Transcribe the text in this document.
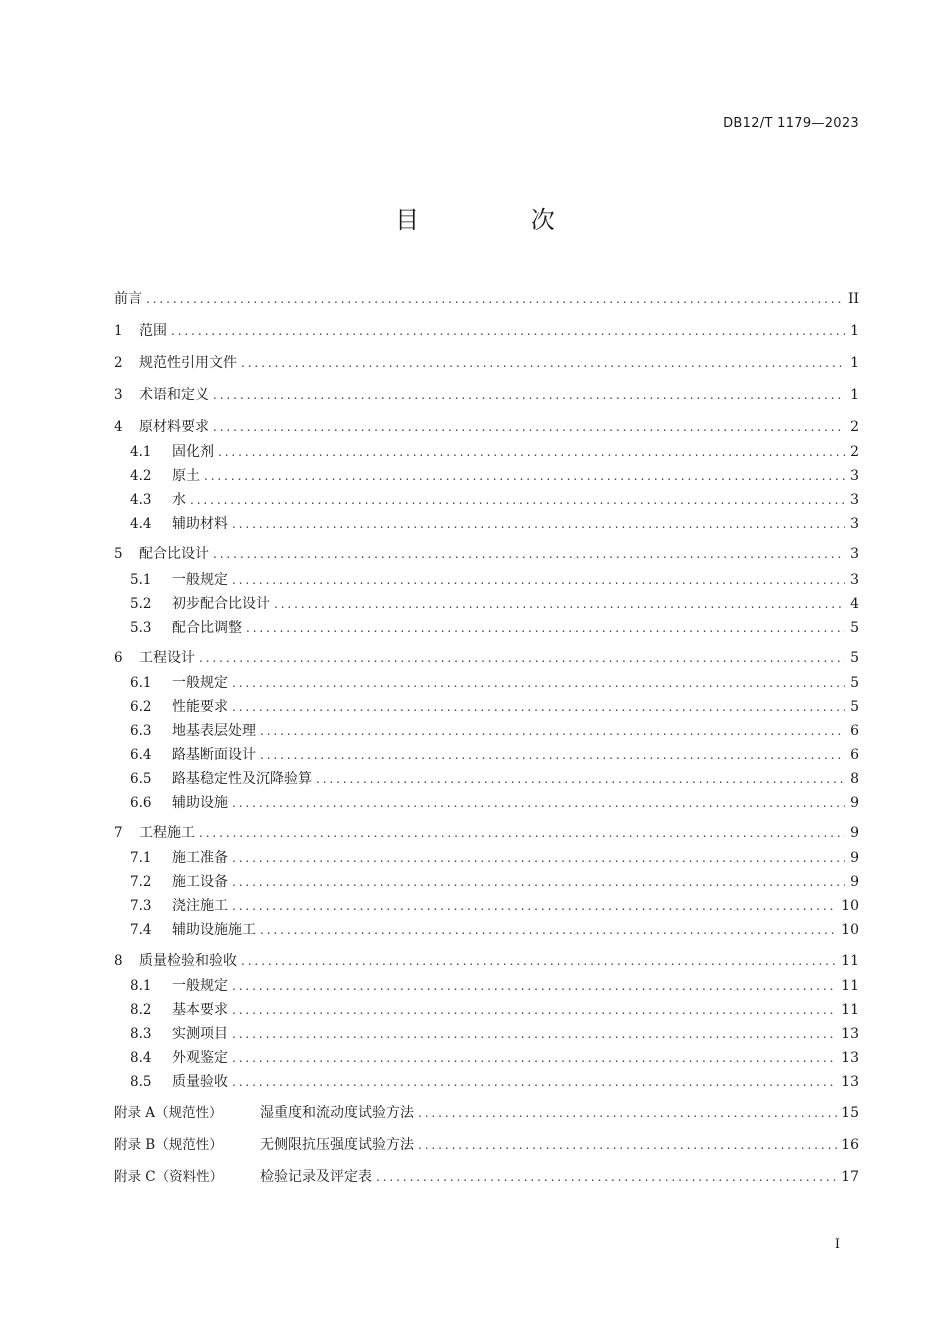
DB12/T 1179—2023
目 次
前言 .....	II
1	范围 .....	1
2	规范性引用文件 .....	1
3	术语和定义 .....	1
4	原材料要求 .....	2
4.1	固化剂 .....	2
4.2	原土 .....	3
4.3	水 .....	3
4.4	辅助材料 .....	3
5	配合比设计 .....	3
5.1	一般规定 .....	3
5.2	初步配合比设计 .....	4
5.3	配合比调整 .....	5
6	工程设计 .....	5
6.1	一般规定 .....	5
6.2	性能要求 .....	5
6.3	地基表层处理 .....	6
6.4	路基断面设计 .....	6
6.5	路基稳定性及沉降验算 .....	8
6.6	辅助设施 .....	9
7	工程施工 .....	9
7.1	施工准备 .....	9
7.2	施工设备 .....	9
7.3	浇注施工 .....	10
7.4	辅助设施施工 .....	10
8	质量检验和验收 .....	11
8.1	一般规定 .....	11
8.2	基本要求 .....	11
8.3	实测项目 .....	13
8.4	外观鉴定 .....	13
8.5	质量验收 .....	13
附录 A（规范性）	湿重度和流动度试验方法 .....	15
附录 B（规范性）	无侧限抗压强度试验方法 .....	16
附录 C（资料性）	检验记录及评定表 .....	17
I
